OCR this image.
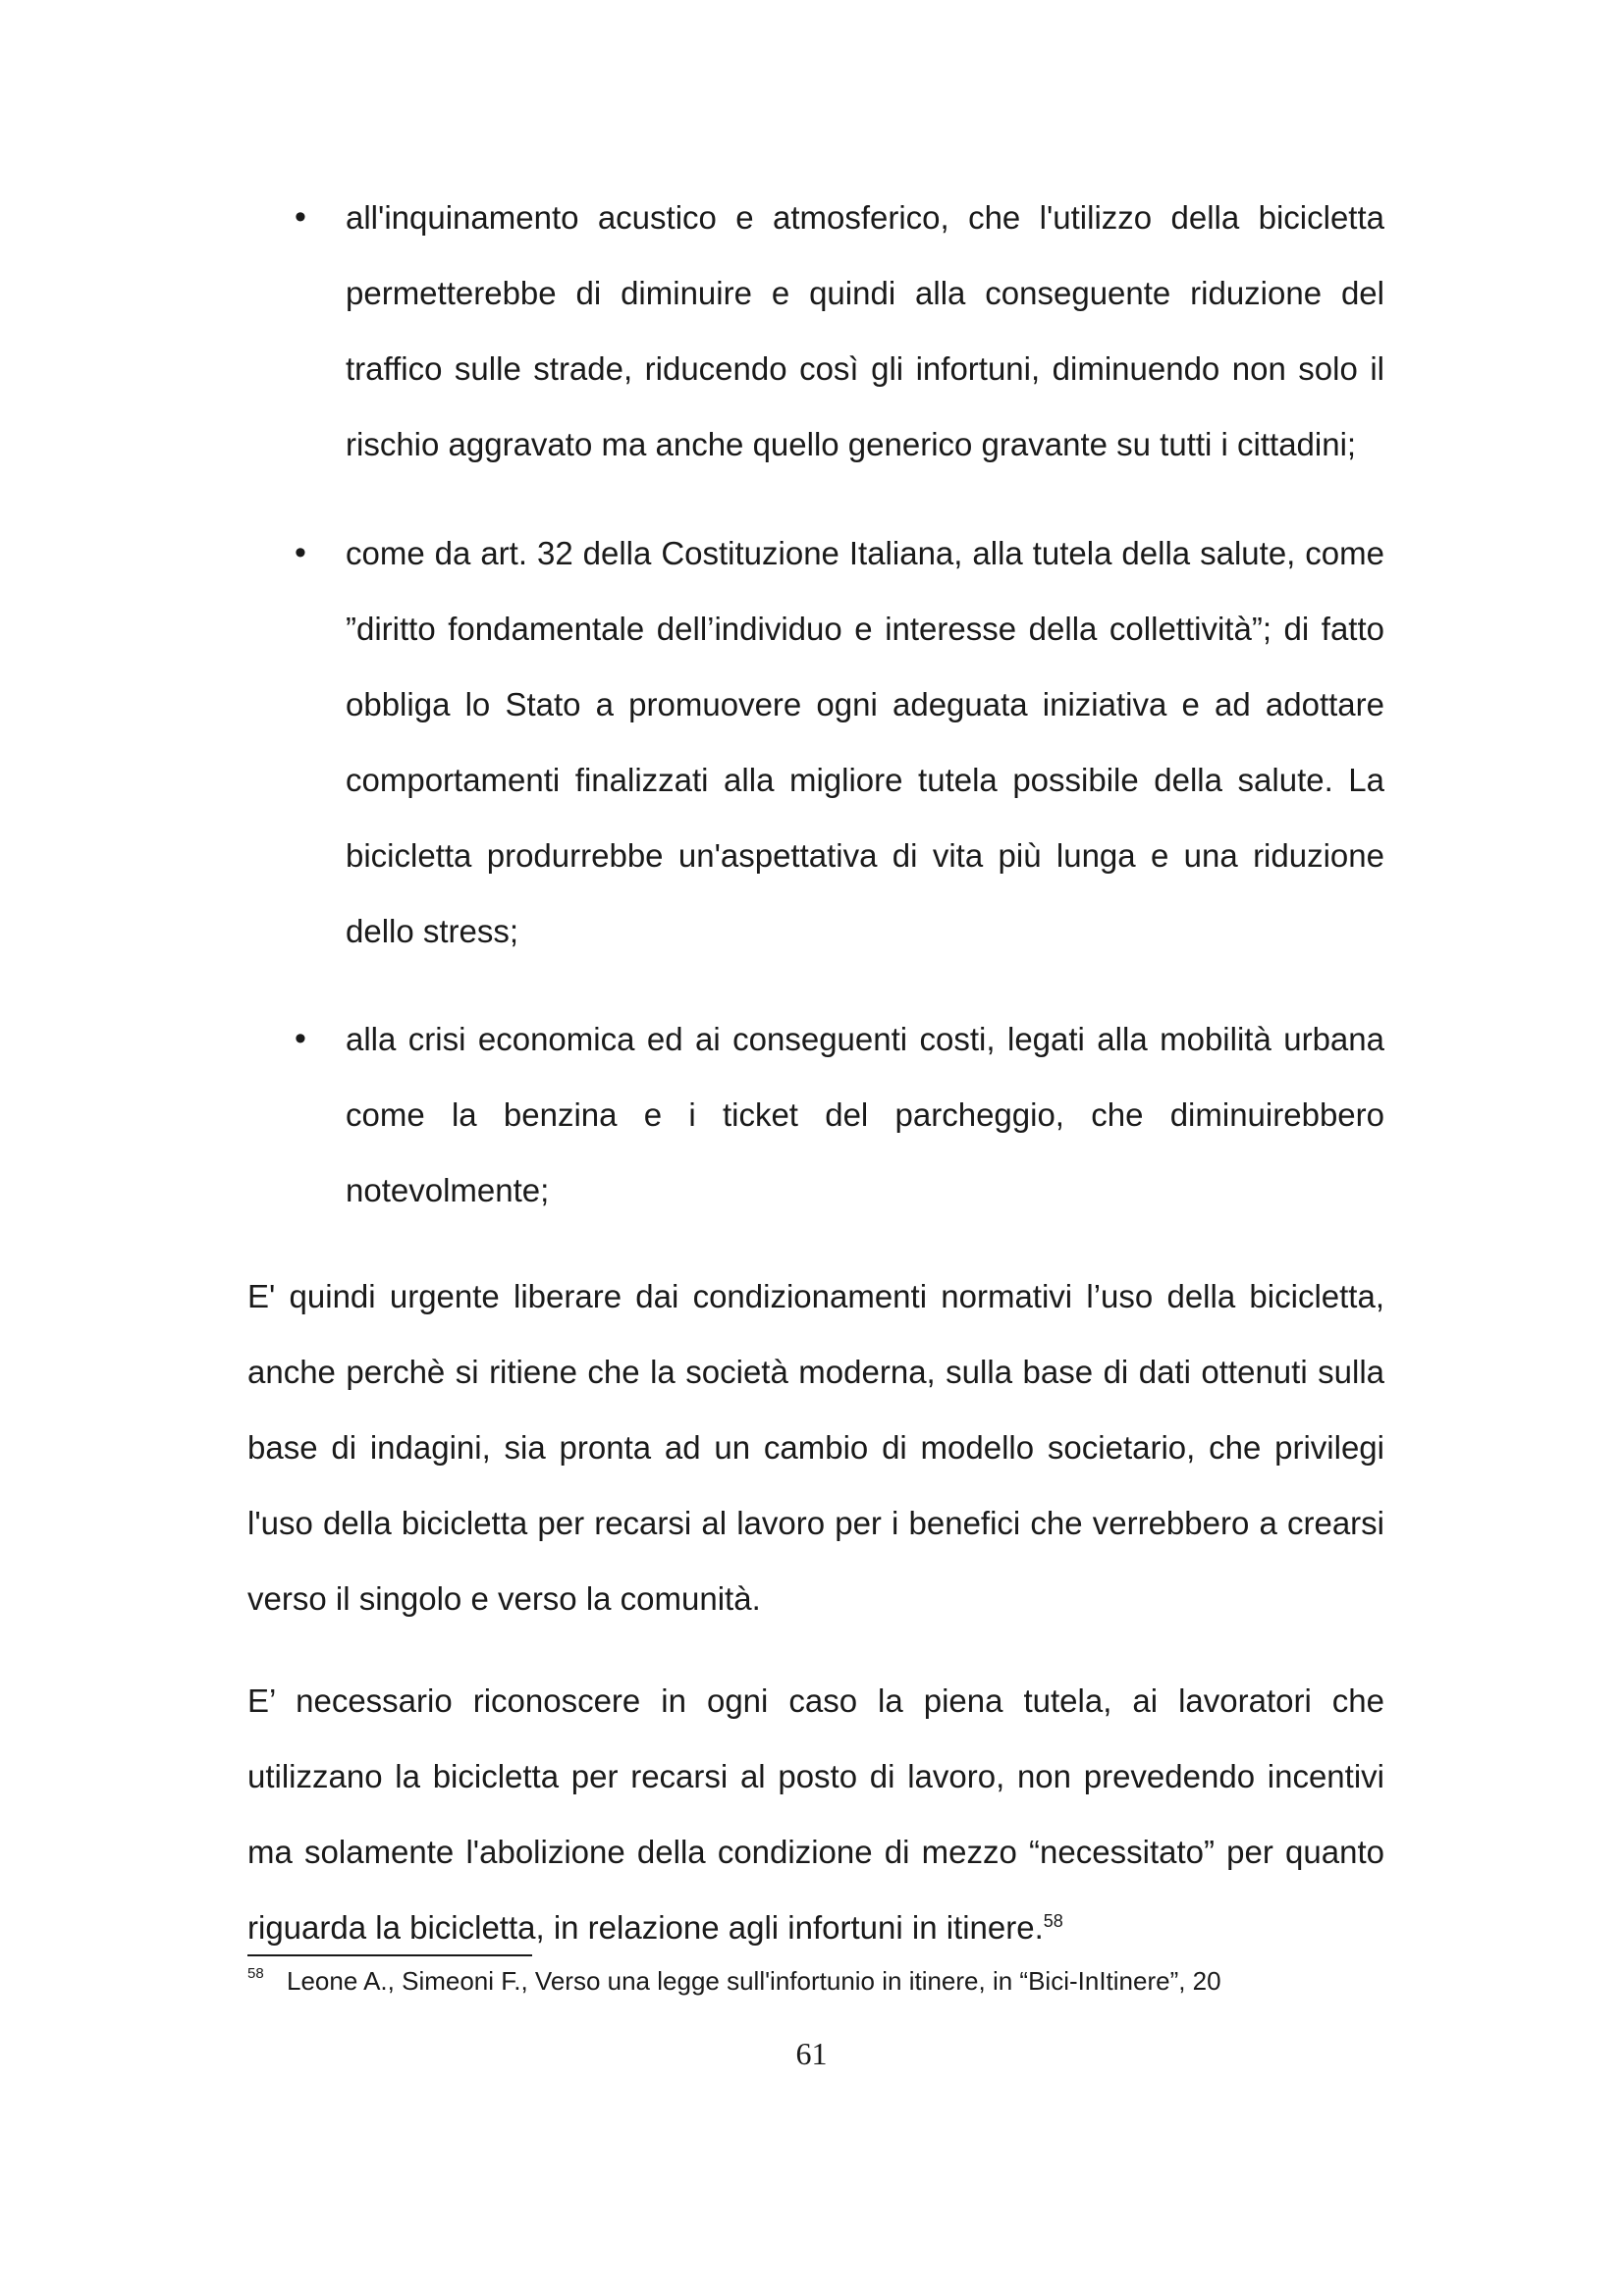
• all'inquinamento acustico e atmosferico, che l'utilizzo della bicicletta permetterebbe di diminuire e quindi alla conseguente riduzione del traffico sulle strade, riducendo così gli infortuni, diminuendo non solo il rischio aggravato ma anche quello generico gravante su tutti i cittadini;

• come da art. 32 della Costituzione Italiana, alla tutela della salute, come ”diritto fondamentale dell’individuo e interesse della collettività”; di fatto obbliga lo Stato a promuovere ogni adeguata iniziativa e ad adottare comportamenti finalizzati alla migliore tutela possibile della salute. La bicicletta produrrebbe un'aspettativa di vita più lunga e una riduzione dello stress;

• alla crisi economica ed ai conseguenti costi, legati alla mobilità urbana come la benzina e i ticket del parcheggio, che diminuirebbero notevolmente;

E' quindi urgente liberare dai condizionamenti normativi l’uso della bicicletta, anche perchè si ritiene che la società moderna, sulla base di dati ottenuti sulla base di indagini, sia pronta ad un cambio di modello societario, che privilegi l'uso della bicicletta per recarsi al lavoro per i benefici che verrebbero a crearsi verso il singolo e verso la comunità.

E’ necessario riconoscere in ogni caso la piena tutela, ai lavoratori che utilizzano la bicicletta per recarsi al posto di lavoro, non prevedendo incentivi ma solamente l'abolizione della condizione di mezzo “necessitato” per quanto riguarda la bicicletta, in relazione agli infortuni in itinere.$^{58}$

58 Leone A., Simeoni F., Verso una legge sull'infortunio in itinere, in “Bici-InItinere”, 20
61
